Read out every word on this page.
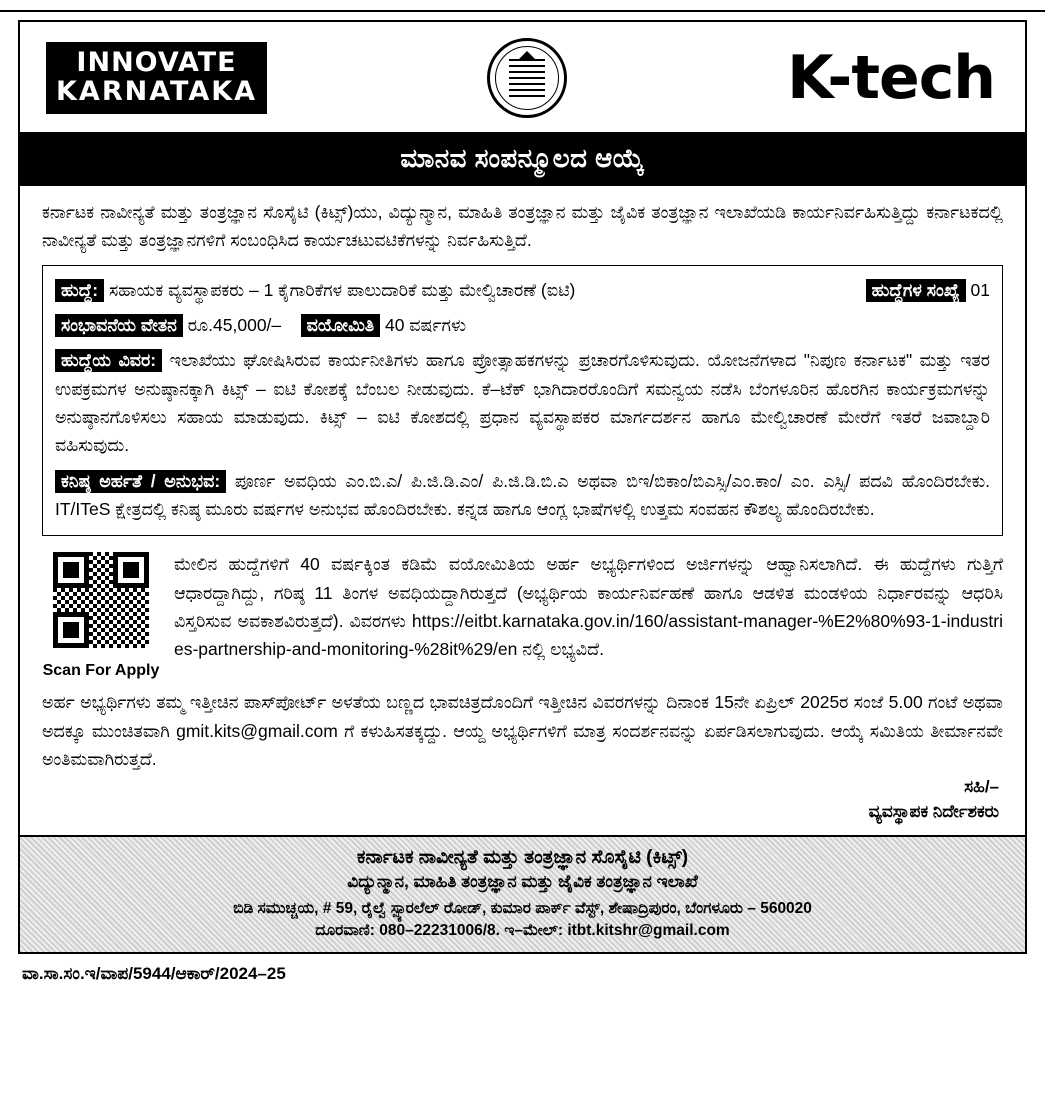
INNOVATE
KARNATAKA	K-tech
ಮಾನವ ಸಂಪನ್ಮೂಲದ ಆಯ್ಕೆ
ಕರ್ನಾಟಕ ನಾವೀನ್ಯತೆ ಮತ್ತು ತಂತ್ರಜ್ಞಾನ ಸೊಸೈಟಿ (ಕಿಟ್ಸ್)ಯು, ವಿದ್ಯುನ್ಮಾನ, ಮಾಹಿತಿ ತಂತ್ರಜ್ಞಾನ ಮತ್ತು ಜೈವಿಕ ತಂತ್ರಜ್ಞಾನ ಇಲಾಖೆಯಡಿ ಕಾರ್ಯನಿರ್ವಹಿಸುತ್ತಿದ್ದು ಕರ್ನಾಟಕದಲ್ಲಿ ನಾವೀನ್ಯತೆ ಮತ್ತು ತಂತ್ರಜ್ಞಾನಗಳಿಗೆ ಸಂಬಂಧಿಸಿದ ಕಾರ್ಯಚಟುವಟಿಕೆಗಳನ್ನು ನಿರ್ವಹಿಸುತ್ತಿದೆ.
ಹುದ್ದೆ: ಸಹಾಯಕ ವ್ಯವಸ್ಥಾಪಕರು – 1 ಕೈಗಾರಿಕೆಗಳ ಪಾಲುದಾರಿಕೆ ಮತ್ತು ಮೇಲ್ವಿಚಾರಣೆ (ಐಟಿ)	ಹುದ್ದೆಗಳ ಸಂಖ್ಯೆ 01
ಸಂಭಾವನೆಯ ವೇತನ ರೂ.45,000/– ವಯೋಮಿತಿ 40 ವರ್ಷಗಳು
ಹುದ್ದೆಯ ವಿವರ: ಇಲಾಖೆಯು ಘೋಷಿಸಿರುವ ಕಾರ್ಯನೀತಿಗಳು ಹಾಗೂ ಪ್ರೋತ್ಸಾಹಕಗಳನ್ನು ಪ್ರಚಾರಗೊಳಿಸುವುದು. ಯೋಜನೆಗಳಾದ "ನಿಪುಣ ಕರ್ನಾಟಕ" ಮತ್ತು ಇತರ ಉಪಕ್ರಮಗಳ ಅನುಷ್ಠಾನಕ್ಕಾಗಿ ಕಿಟ್ಸ್ – ಐಟಿ ಕೋಶಕ್ಕೆ ಬೆಂಬಲ ನೀಡುವುದು. ಕೆ–ಟೆಕ್ ಭಾಗಿದಾರರೊಂದಿಗೆ ಸಮನ್ವಯ ನಡೆಸಿ ಬೆಂಗಳೂರಿನ ಹೊರಗಿನ ಕಾರ್ಯಕ್ರಮಗಳನ್ನು ಅನುಷ್ಠಾನಗೊಳಿಸಲು ಸಹಾಯ ಮಾಡುವುದು. ಕಿಟ್ಸ್ – ಐಟಿ ಕೋಶದಲ್ಲಿ ಪ್ರಧಾನ ವ್ಯವಸ್ಥಾಪಕರ ಮಾರ್ಗದರ್ಶನ ಹಾಗೂ ಮೇಲ್ವಿಚಾರಣೆ ಮೇರೆಗೆ ಇತರೆ ಜವಾಬ್ದಾರಿ ವಹಿಸುವುದು.
ಕನಿಷ್ಠ ಅರ್ಹತೆ / ಅನುಭವ: ಪೂರ್ಣ ಅವಧಿಯ ಎಂ.ಬಿ.ಎ/ ಪಿ.ಜಿ.ಡಿ.ಎಂ/ ಪಿ.ಜಿ.ಡಿ.ಬಿ.ಎ ಅಥವಾ ಬಿಇ/ಬಿಕಾಂ/ಬಿಎಸ್ಸಿ/ಎಂ.ಕಾಂ/ ಎಂ. ಎಸ್ಸಿ/ ಪದವಿ ಹೊಂದಿರಬೇಕು. IT/ITeS ಕ್ಷೇತ್ರದಲ್ಲಿ ಕನಿಷ್ಠ ಮೂರು ವರ್ಷಗಳ ಅನುಭವ ಹೊಂದಿರಬೇಕು. ಕನ್ನಡ ಹಾಗೂ ಆಂಗ್ಲ ಭಾಷೆಗಳಲ್ಲಿ ಉತ್ತಮ ಸಂವಹನ ಕೌಶಲ್ಯ ಹೊಂದಿರಬೇಕು.
Scan For Apply
ಮೇಲಿನ ಹುದ್ದೆಗಳಿಗೆ 40 ವರ್ಷಕ್ಕಿಂತ ಕಡಿಮೆ ವಯೋಮಿತಿಯ ಅರ್ಹ ಅಭ್ಯರ್ಥಿಗಳಿಂದ ಅರ್ಜಿಗಳನ್ನು ಆಹ್ವಾನಿಸಲಾಗಿದೆ. ಈ ಹುದ್ದೆಗಳು ಗುತ್ತಿಗೆ ಆಧಾರದ್ದಾಗಿದ್ದು, ಗರಿಷ್ಠ 11 ತಿಂಗಳ ಅವಧಿಯದ್ದಾಗಿರುತ್ತದೆ (ಅಭ್ಯರ್ಥಿಯ ಕಾರ್ಯನಿರ್ವಹಣೆ ಹಾಗೂ ಆಡಳಿತ ಮಂಡಳಿಯ ನಿರ್ಧಾರವನ್ನು ಆಧರಿಸಿ ವಿಸ್ತರಿಸುವ ಅವಕಾಶವಿರುತ್ತದೆ). ವಿವರಗಳು https://eitbt.karnataka.gov.in/160/assistant-manager-%E2%80%93-1-industries-partnership-and-monitoring-%28it%29/en ನಲ್ಲಿ ಲಭ್ಯವಿದೆ.
ಅರ್ಹ ಅಭ್ಯರ್ಥಿಗಳು ತಮ್ಮ ಇತ್ತೀಚಿನ ಪಾಸ್‍ಪೋರ್ಟ್ ಅಳತೆಯ ಬಣ್ಣದ ಭಾವಚಿತ್ರದೊಂದಿಗೆ ಇತ್ತೀಚಿನ ವಿವರಗಳನ್ನು ದಿನಾಂಕ 15ನೇ ಏಪ್ರಿಲ್ 2025ರ ಸಂಜೆ 5.00 ಗಂಟೆ ಅಥವಾ ಅದಕ್ಕೂ ಮುಂಚಿತವಾಗಿ gmit.kits@gmail.com ಗೆ ಕಳುಹಿಸತಕ್ಕದ್ದು. ಆಯ್ದ ಅಭ್ಯರ್ಥಿಗಳಿಗೆ ಮಾತ್ರ ಸಂದರ್ಶನವನ್ನು ಏರ್ಪಡಿಸಲಾಗುವುದು. ಆಯ್ಕೆ ಸಮಿತಿಯ ತೀರ್ಮಾನವೇ ಅಂತಿಮವಾಗಿರುತ್ತದೆ.
ಸಹಿ/–
ವ್ಯವಸ್ಥಾಪಕ ನಿರ್ದೇಶಕರು
ಕರ್ನಾಟಕ ನಾವೀನ್ಯತೆ ಮತ್ತು ತಂತ್ರಜ್ಞಾನ ಸೊಸೈಟಿ (ಕಿಟ್ಸ್)
ವಿದ್ಯುನ್ಮಾನ, ಮಾಹಿತಿ ತಂತ್ರಜ್ಞಾನ ಮತ್ತು ಜೈವಿಕ ತಂತ್ರಜ್ಞಾನ ಇಲಾಖೆ
ಬಿಡಿ ಸಮುಚ್ಚಯ, # 59, ರೈಲ್ವೆ ಸ್ಪ್ಯಾರಲೆಲ್ ರೋಡ್, ಕುಮಾರ ಪಾರ್ಕ್ ವೆಸ್ಟ್, ಶೇಷಾದ್ರಿಪುರಂ, ಬೆಂಗಳೂರು – 560020
ದೂರವಾಣಿ: 080–22231006/8. ಇ–ಮೇಲ್: itbt.kitshr@gmail.com
ವಾ.ಸಾ.ಸಂ.ಇ/ವಾಪ/5944/ಆಕಾರ್/2024–25
